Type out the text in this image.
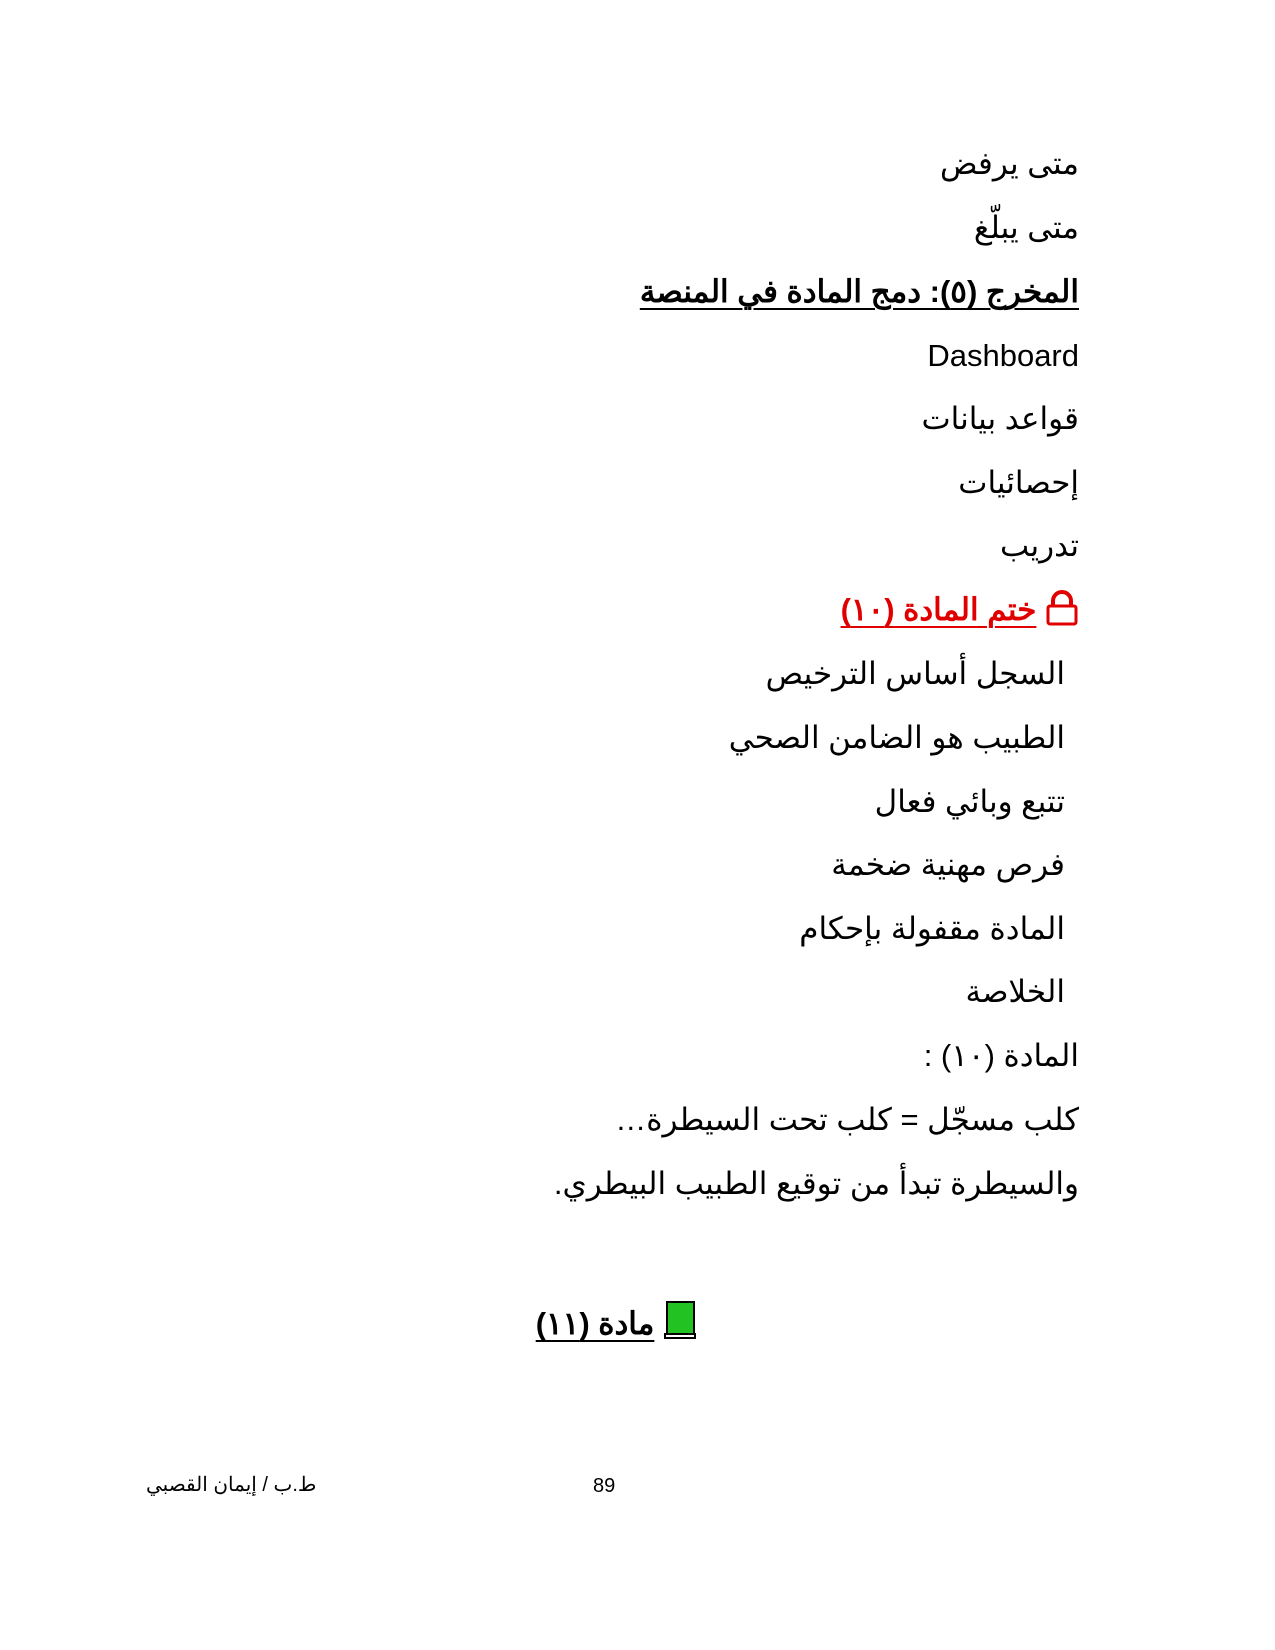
متى يرفض
متى يبلّغ
المخرج (٥): دمج المادة في المنصة
Dashboard
قواعد بيانات
إحصائيات
تدريب
ختم المادة (١٠)
السجل أساس الترخيص
الطبيب هو الضامن الصحي
تتبع وبائي فعال
فرص مهنية ضخمة
المادة مقفولة بإحكام
الخلاصة
المادة (١٠) :
كلب مسجّل = كلب تحت السيطرة…
والسيطرة تبدأ من توقيع الطبيب البيطري.
مادة (١١)
ط.ب / إيمان القصبي	89
